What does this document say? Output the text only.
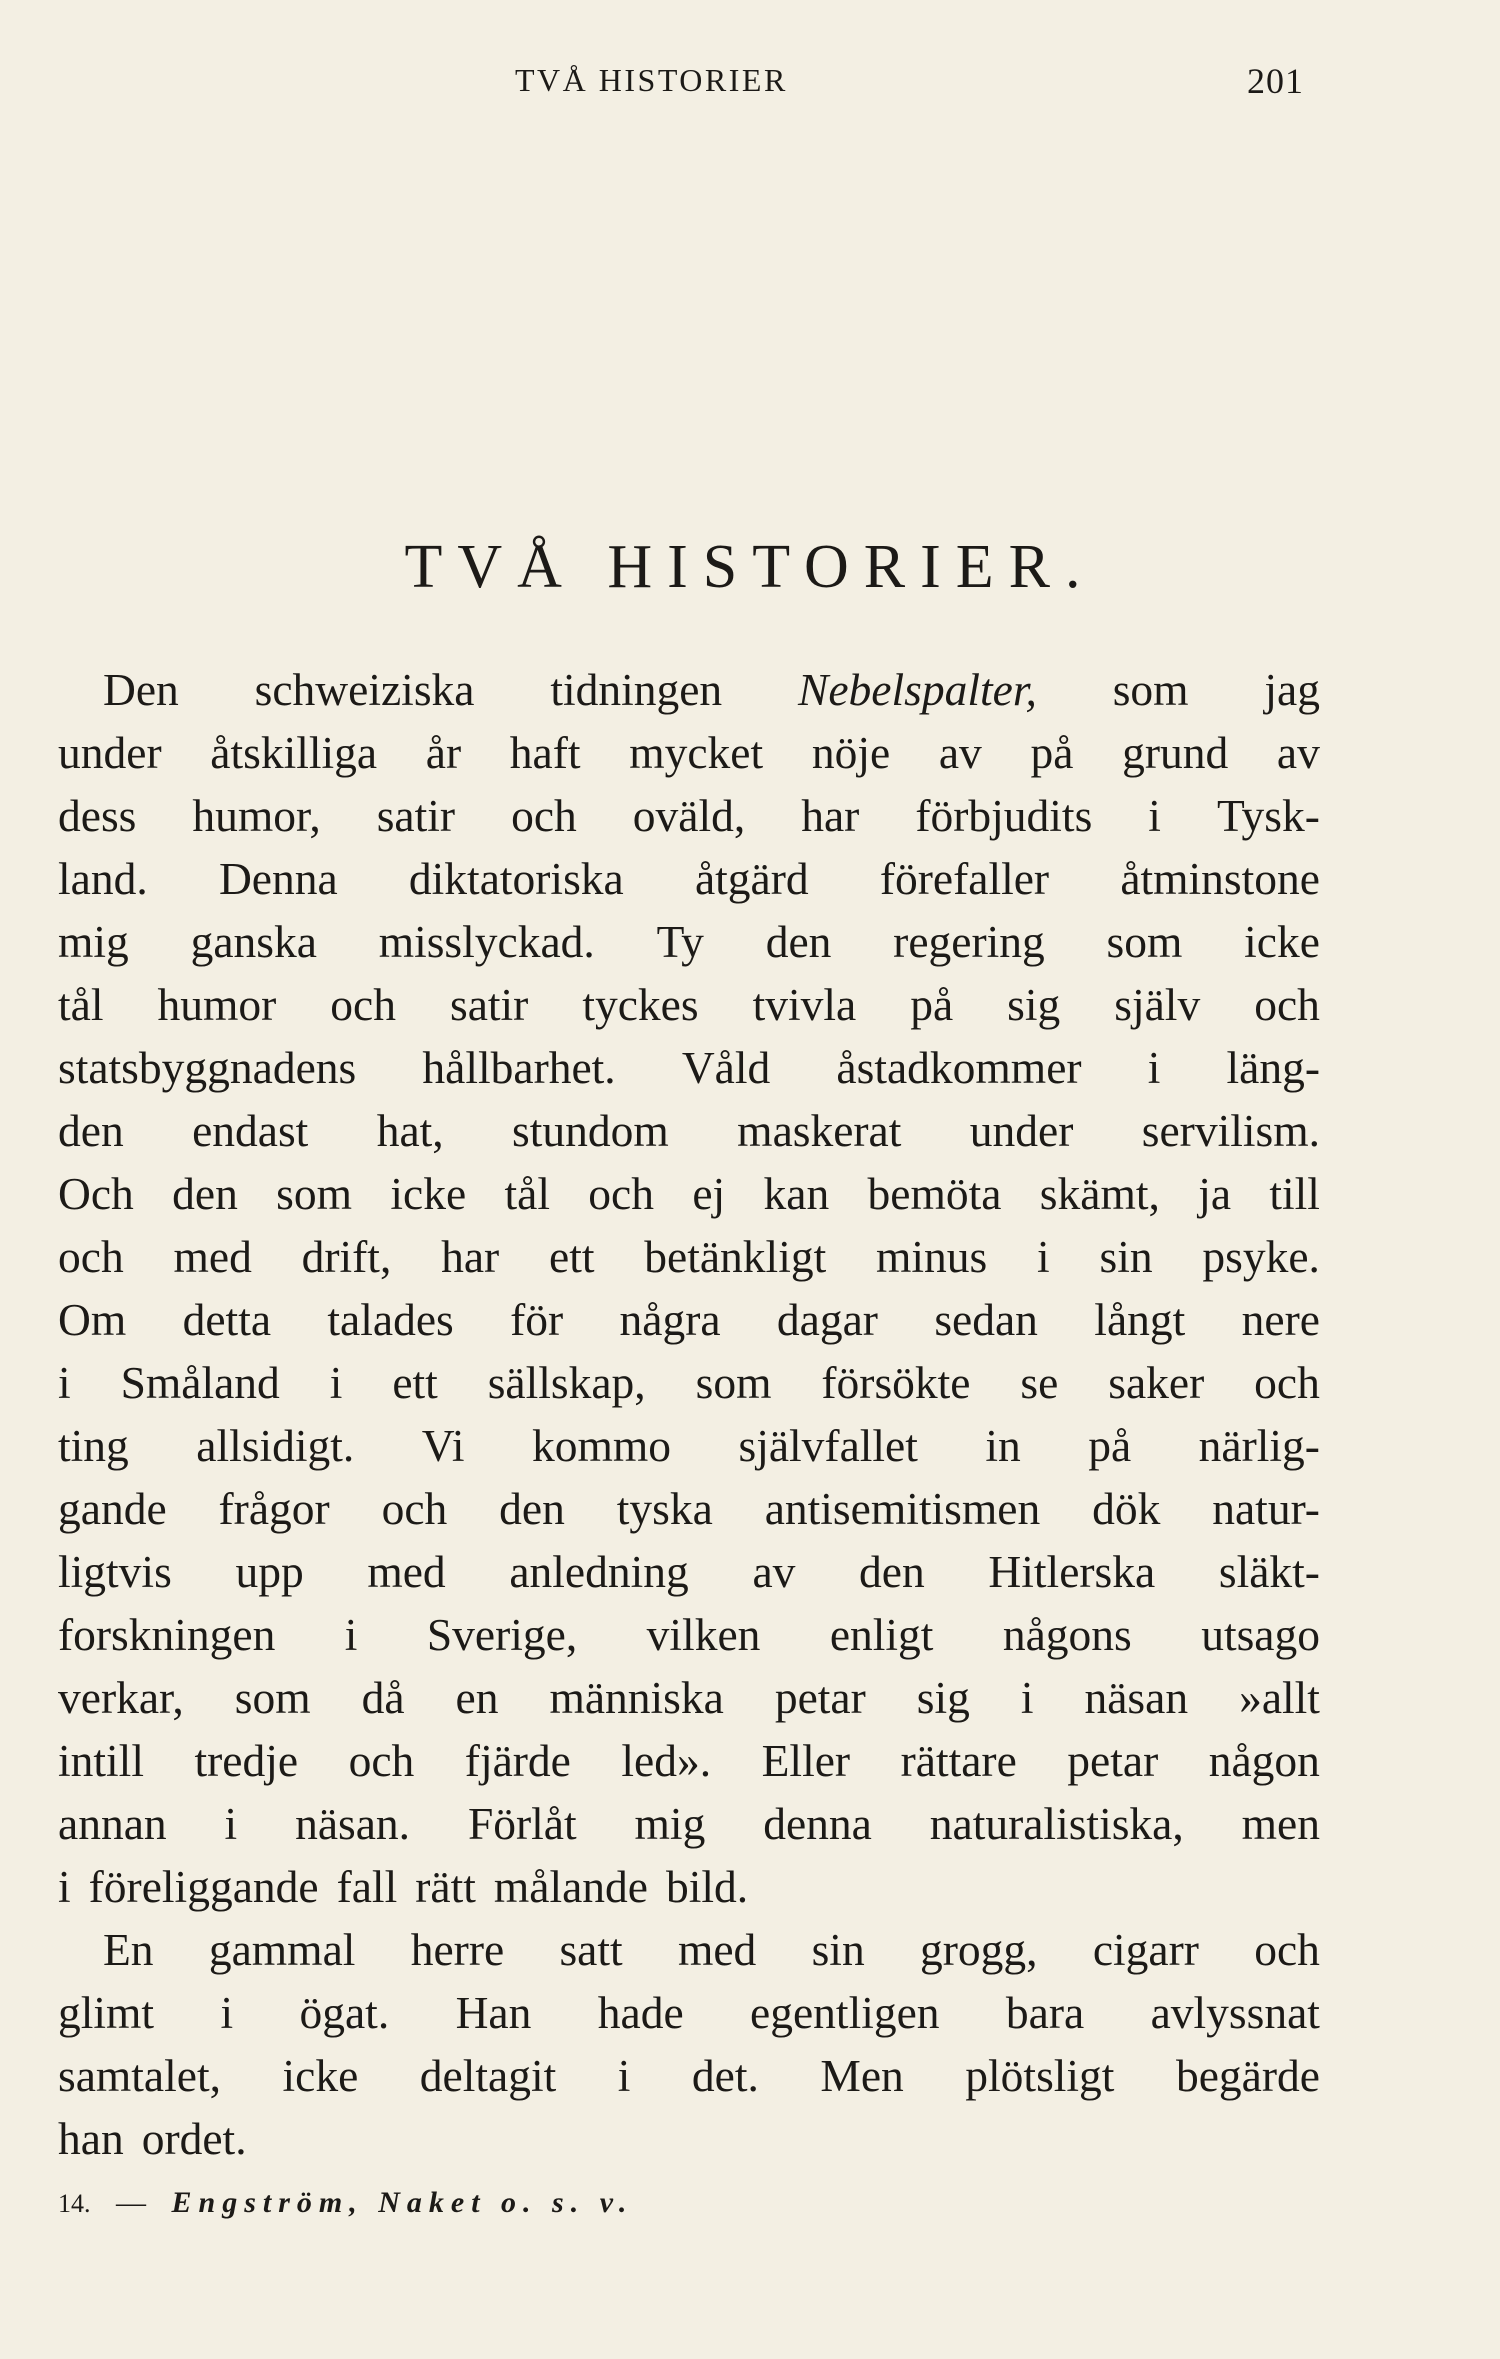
TVÅ HISTORIER	201
TVÅ HISTORIER.
Den schweiziska tidningen Nebelspalter, som jag
under åtskilliga år haft mycket nöje av på grund av
dess humor, satir och oväld, har förbjudits i Tysk-
land. Denna diktatoriska åtgärd förefaller åtminstone
mig ganska misslyckad. Ty den regering som icke
tål humor och satir tyckes tvivla på sig själv och
statsbyggnadens hållbarhet. Våld åstadkommer i läng-
den endast hat, stundom maskerat under servilism.
Och den som icke tål och ej kan bemöta skämt, ja till
och med drift, har ett betänkligt minus i sin psyke.
Om detta talades för några dagar sedan långt nere
i Småland i ett sällskap, som försökte se saker och
ting allsidigt. Vi kommo självfallet in på närlig-
gande frågor och den tyska antisemitismen dök natur-
ligtvis upp med anledning av den Hitlerska släkt-
forskningen i Sverige, vilken enligt någons utsago
verkar, som då en människa petar sig i näsan »allt
intill tredje och fjärde led». Eller rättare petar någon
annan i näsan. Förlåt mig denna naturalistiska, men
i föreliggande fall rätt målande bild.
En gammal herre satt med sin grogg, cigarr och
glimt i ögat. Han hade egentligen bara avlyssnat
samtalet, icke deltagit i det. Men plötsligt begärde
han ordet.
14. — Engström, Naket o. s. v.
